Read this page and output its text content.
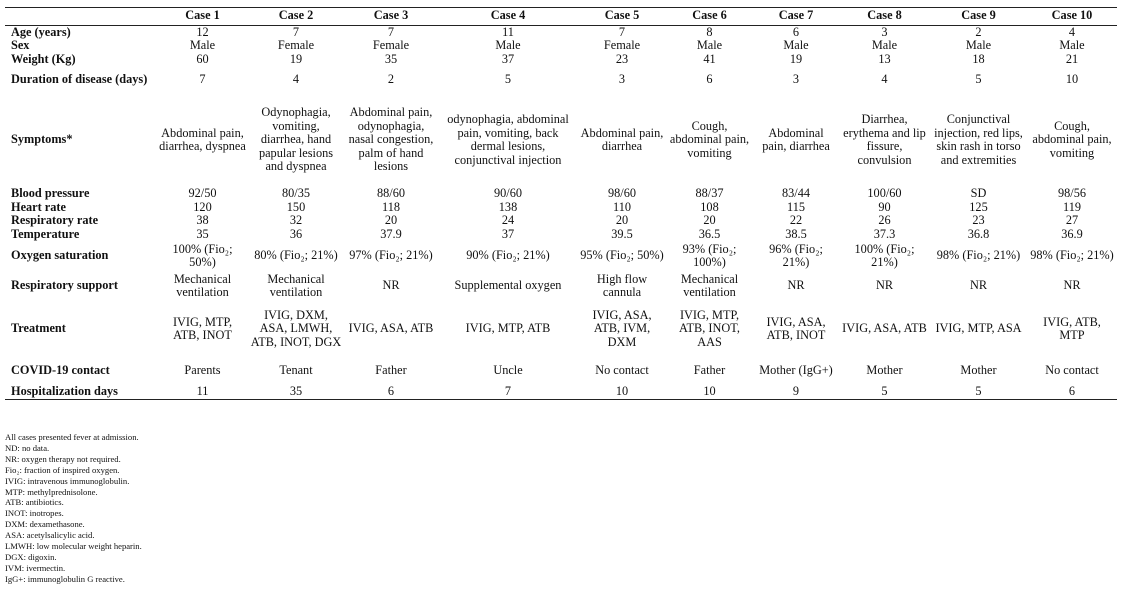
	Case 1	Case 2	Case 3	Case 4	Case 5	Case 6	Case 7	Case 8	Case 9	Case 10
Age (years)	12	7	7	11	7	8	6	3	2	4
Sex	Male	Female	Female	Male	Female	Male	Male	Male	Male	Male
Weight (Kg)	60	19	35	37	23	41	19	13	18	21
Duration of disease (days)	7	4	2	5	3	6	3	4	5	10
Symptoms*	Abdominal pain, diarrhea, dyspnea	Odynophagia, vomiting, diarrhea, hand papular lesions and dyspnea	Abdominal pain, odynophagia, nasal congestion, palm of hand lesions	odynophagia, abdominal pain, vomiting, back dermal lesions, conjunctival injection	Abdominal pain, diarrhea	Cough, abdominal pain, vomiting	Abdominal pain, diarrhea	Diarrhea, erythema and lip fissure, convulsion	Conjunctival injection, red lips, skin rash in torso and extremities	Cough, abdominal pain, vomiting
Blood pressure	92/50	80/35	88/60	90/60	98/60	88/37	83/44	100/60	SD	98/56
Heart rate	120	150	118	138	110	108	115	90	125	119
Respiratory rate	38	32	20	24	20	20	22	26	23	27
Temperature	35	36	37.9	37	39.5	36.5	38.5	37.3	36.8	36.9
Oxygen saturation	100% (Fio₂; 50%)	80% (Fio₂; 21%)	97% (Fio₂; 21%)	90% (Fio₂; 21%)	95% (Fio₂; 50%)	93% (Fio₂; 100%)	96% (Fio₂; 21%)	100% (Fio₂; 21%)	98% (Fio₂; 21%)	98% (Fio₂; 21%)
Respiratory support	Mechanical ventilation	Mechanical ventilation	NR	Supplemental oxygen	High flow cannula	Mechanical ventilation	NR	NR	NR	NR
Treatment	IVIG, MTP, ATB, INOT	IVIG, DXM, ASA, LMWH, ATB, INOT, DGX	IVIG, ASA, ATB	IVIG, MTP, ATB	IVIG, ASA, ATB, IVM, DXM	IVIG, MTP, ATB, INOT, AAS	IVIG, ASA, ATB, INOT	IVIG, ASA, ATB	IVIG, MTP, ASA	IVIG, ATB, MTP
COVID-19 contact	Parents	Tenant	Father	Uncle	No contact	Father	Mother (IgG+)	Mother	Mother	No contact
Hospitalization days	11	35	6	7	10	10	9	5	5	6
All cases presented fever at admission.
ND: no data.
NR: oxygen therapy not required.
Fio₂: fraction of inspired oxygen.
IVIG: intravenous immunoglobulin.
MTP: methylprednisolone.
ATB: antibiotics.
INOT: inotropes.
DXM: dexamethasone.
ASA: acetylsalicylic acid.
LMWH: low molecular weight heparin.
DGX: digoxin.
IVM: ivermectin.
IgG+: immunoglobulin G reactive.
